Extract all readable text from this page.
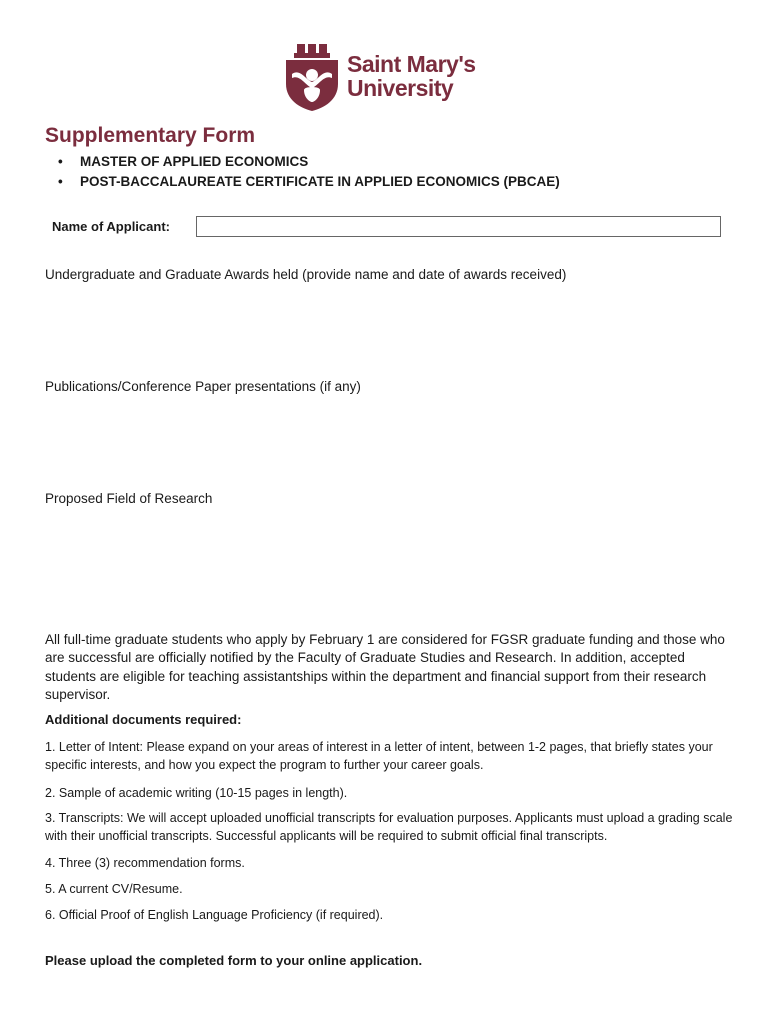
Saint Mary's
University
Supplementary Form
• MASTER OF APPLIED ECONOMICS
• POST-BACCALAUREATE CERTIFICATE IN APPLIED ECONOMICS (PBCAE)
Name of Applicant:
Undergraduate and Graduate Awards held (provide name and date of awards received)
Publications/Conference Paper presentations (if any)
Proposed Field of Research

All full-time graduate students who apply by February 1 are considered for FGSR graduate funding and those who are successful are officially notified by the Faculty of Graduate Studies and Research. In addition, accepted students are eligible for teaching assistantships within the department and financial support from their research supervisor.

Additional documents required:

1. Letter of Intent: Please expand on your areas of interest in a letter of intent, between 1-2 pages, that briefly states your specific interests, and how you expect the program to further your career goals.

2. Sample of academic writing (10-15 pages in length).

3. Transcripts: We will accept uploaded unofficial transcripts for evaluation purposes. Applicants must upload a grading scale with their unofficial transcripts. Successful applicants will be required to submit official final transcripts.

4. Three (3) recommendation forms.

5. A current CV/Resume.

6. Official Proof of English Language Proficiency (if required).

Please upload the completed form to your online application.
